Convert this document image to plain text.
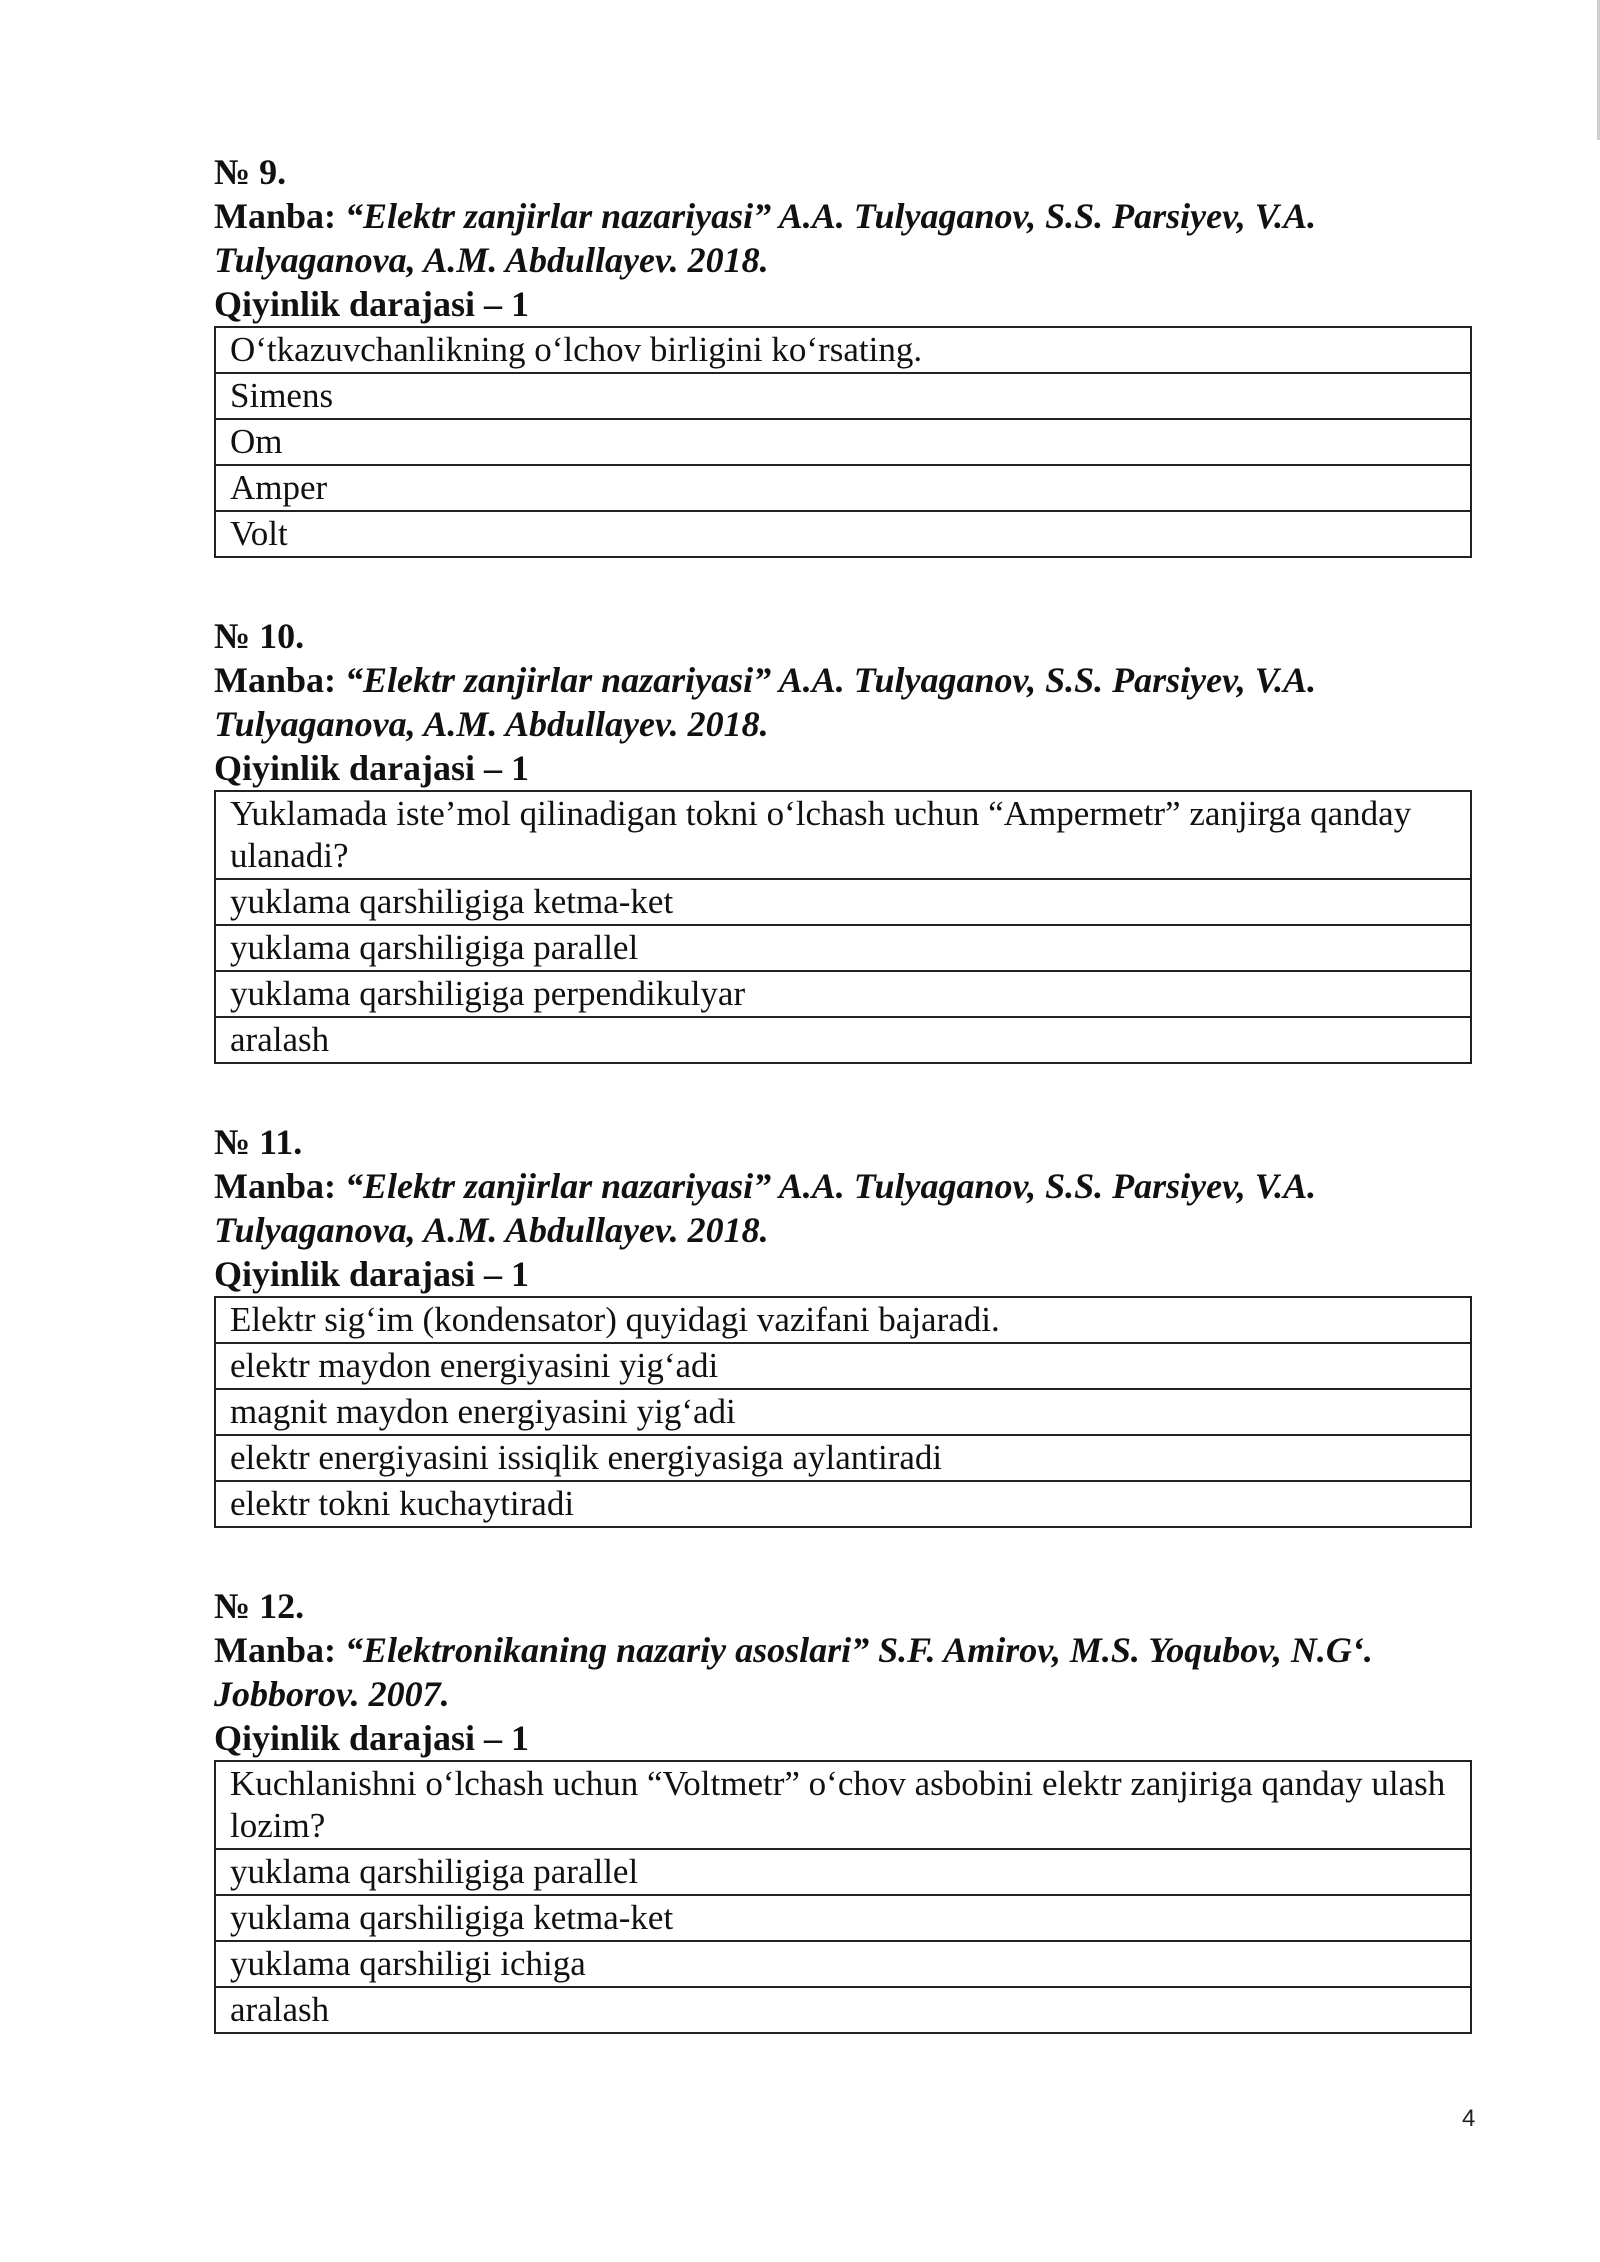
№ 9.

Manba: “Elektr zanjirlar nazariyasi” A.A. Tulyaganov, S.S. Parsiyev, V.A. Tulyaganova, A.M. Abdullayev. 2018.

Qiyinlik darajasi – 1

O‘tkazuvchanlikning o‘lchov birligini ko‘rsating.
Simens
Om
Amper
Volt

№ 10.

Manba: “Elektr zanjirlar nazariyasi” A.A. Tulyaganov, S.S. Parsiyev, V.A. Tulyaganova, A.M. Abdullayev. 2018.

Qiyinlik darajasi – 1

Yuklamada iste’mol qilinadigan tokni o‘lchash uchun “Ampermetr” zanjirga qanday ulanadi?
yuklama qarshiligiga ketma-ket
yuklama qarshiligiga parallel
yuklama qarshiligiga perpendikulyar
aralash

№ 11.

Manba: “Elektr zanjirlar nazariyasi” A.A. Tulyaganov, S.S. Parsiyev, V.A. Tulyaganova, A.M. Abdullayev. 2018.

Qiyinlik darajasi – 1

Elektr sig‘im (kondensator) quyidagi vazifani bajaradi.
elektr maydon energiyasini yig‘adi
magnit maydon energiyasini yig‘adi
elektr energiyasini issiqlik energiyasiga aylantiradi
elektr tokni kuchaytiradi

№ 12.

Manba: “Elektronikaning nazariy asoslari” S.F. Amirov, M.S. Yoqubov, N.G‘. Jobborov. 2007.

Qiyinlik darajasi – 1

Kuchlanishni o‘lchash uchun “Voltmetr” o‘chov asbobini elektr zanjiriga qanday ulash lozim?
yuklama qarshiligiga parallel
yuklama qarshiligiga ketma-ket
yuklama qarshiligi ichiga
aralash
4
